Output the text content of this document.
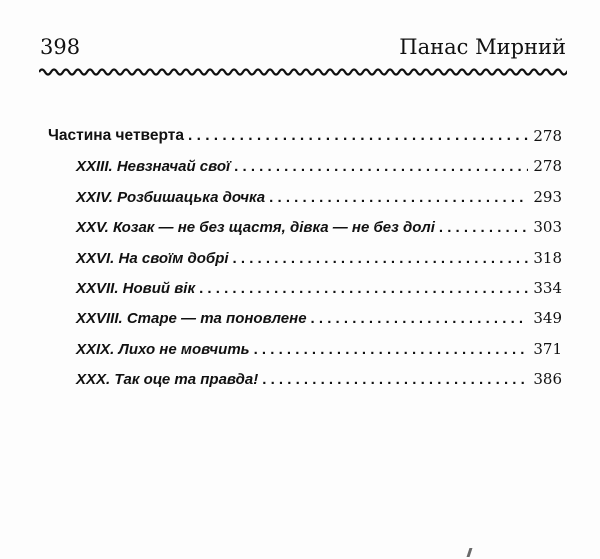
398	Панас Мирний
Частина четверта . . .	278
XXIII. Невзначай свої . . .	278
XXIV. Розбишацька дочка . . .	293
XXV. Козак — не без щастя, дівка — не без долі . . .	303
XXVI. На своїм добрі . . .	318
XXVII. Новий вік . . .	334
XXVIII. Старе — та поновлене . . .	349
XXIX. Лихо не мовчить . . .	371
XXX. Так оце та правда! . . .	386
